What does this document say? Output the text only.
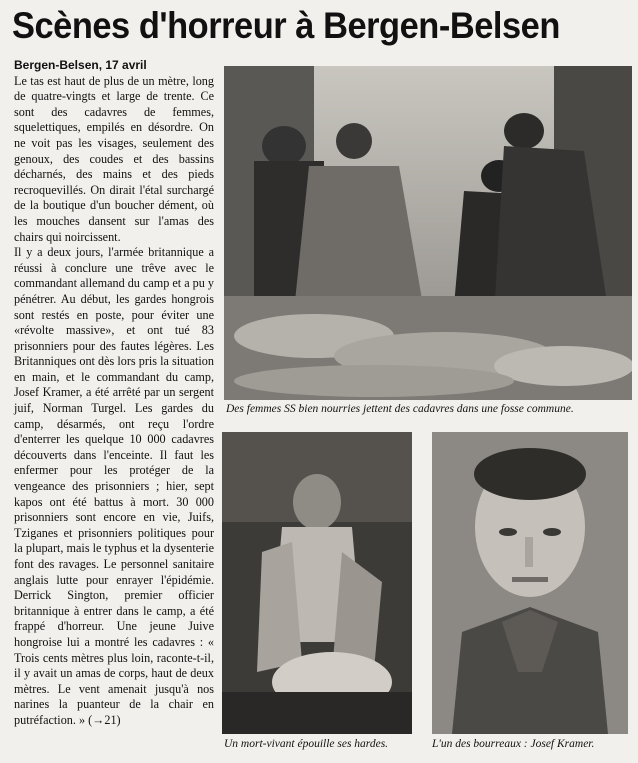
Scènes d'horreur à Bergen-Belsen

Bergen-Belsen, 17 avril
Le tas est haut de plus de un mètre, long de quatre-vingts et large de trente. Ce sont des cadavres de femmes, squelettiques, empilés en désordre. On ne voit pas les visages, seulement des genoux, des coudes et des bassins décharnés, des mains et des pieds recroquevillés. On dirait l'étal surchargé de la boutique d'un boucher dément, où les mouches dansent sur l'amas des chairs qui noircissent.

Il y a deux jours, l'armée britannique a réussi à conclure une trêve avec le commandant allemand du camp et a pu y pénétrer. Au début, les gardes hongrois sont restés en poste, pour éviter une «révolte massive», et ont tué 83 prisonniers pour des fautes légères. Les Britanniques ont dès lors pris la situation en main, et le commandant du camp, Josef Kramer, a été arrêté par un sergent juif, Norman Turgel. Les gardes du camp, désarmés, ont reçu l'ordre d'enterrer les quelque 10 000 cadavres découverts dans l'enceinte. Il faut les enfermer pour les protéger de la vengeance des prisonniers ; hier, sept kapos ont été battus à mort. 30 000 prisonniers sont encore en vie, Juifs, Tziganes et prisonniers politiques pour la plupart, mais le typhus et la dysenterie font des ravages. Le personnel sanitaire anglais lutte pour enrayer l'épidémie. Derrick Sington, premier officier britannique à entrer dans le camp, a été frappé d'horreur. Une jeune Juive hongroise lui a montré les cadavres : « Trois cents mètres plus loin, raconte-t-il, il y avait un amas de corps, haut de deux mètres. Le vent amenait jusqu'à nos narines la puanteur de la chair en putréfaction. » (→21)

Des femmes SS bien nourries jettent des cadavres dans une fosse commune.
Un mort-vivant épouille ses hardes.	L'un des bourreaux : Josef Kramer.
